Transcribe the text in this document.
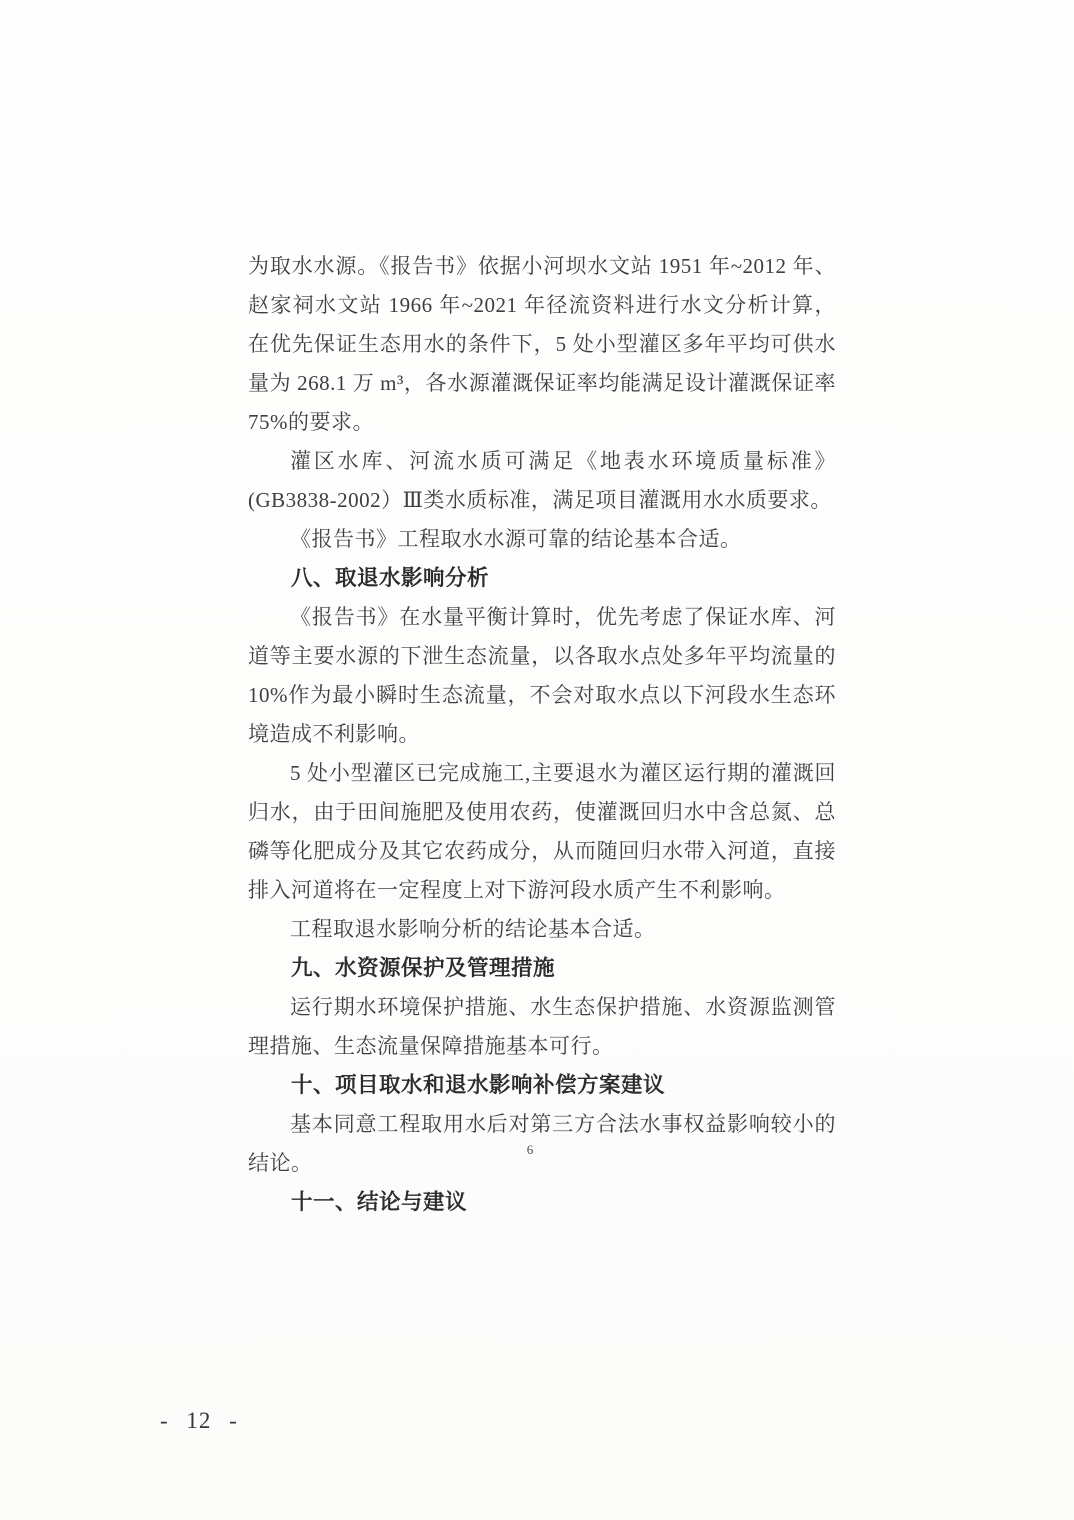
为取水水源。《报告书》依据小河坝水文站 1951 年~2012 年、赵家祠水文站 1966 年~2021 年径流资料进行水文分析计算，在优先保证生态用水的条件下，5 处小型灌区多年平均可供水量为 268.1 万 m³，各水源灌溉保证率均能满足设计灌溉保证率 75%的要求。

灌区水库、河流水质可满足《地表水环境质量标准》(GB3838-2002）Ⅲ类水质标准，满足项目灌溉用水水质要求。

《报告书》工程取水水源可靠的结论基本合适。

八、取退水影响分析

《报告书》在水量平衡计算时，优先考虑了保证水库、河道等主要水源的下泄生态流量，以各取水点处多年平均流量的 10%作为最小瞬时生态流量，不会对取水点以下河段水生态环境造成不利影响。

5 处小型灌区已完成施工,主要退水为灌区运行期的灌溉回归水，由于田间施肥及使用农药，使灌溉回归水中含总氮、总磷等化肥成分及其它农药成分，从而随回归水带入河道，直接排入河道将在一定程度上对下游河段水质产生不利影响。

工程取退水影响分析的结论基本合适。

九、水资源保护及管理措施

运行期水环境保护措施、水生态保护措施、水资源监测管理措施、生态流量保障措施基本可行。

十、项目取水和退水影响补偿方案建议

基本同意工程取用水后对第三方合法水事权益影响较小的结论。

十一、结论与建议

6
- 12 -
